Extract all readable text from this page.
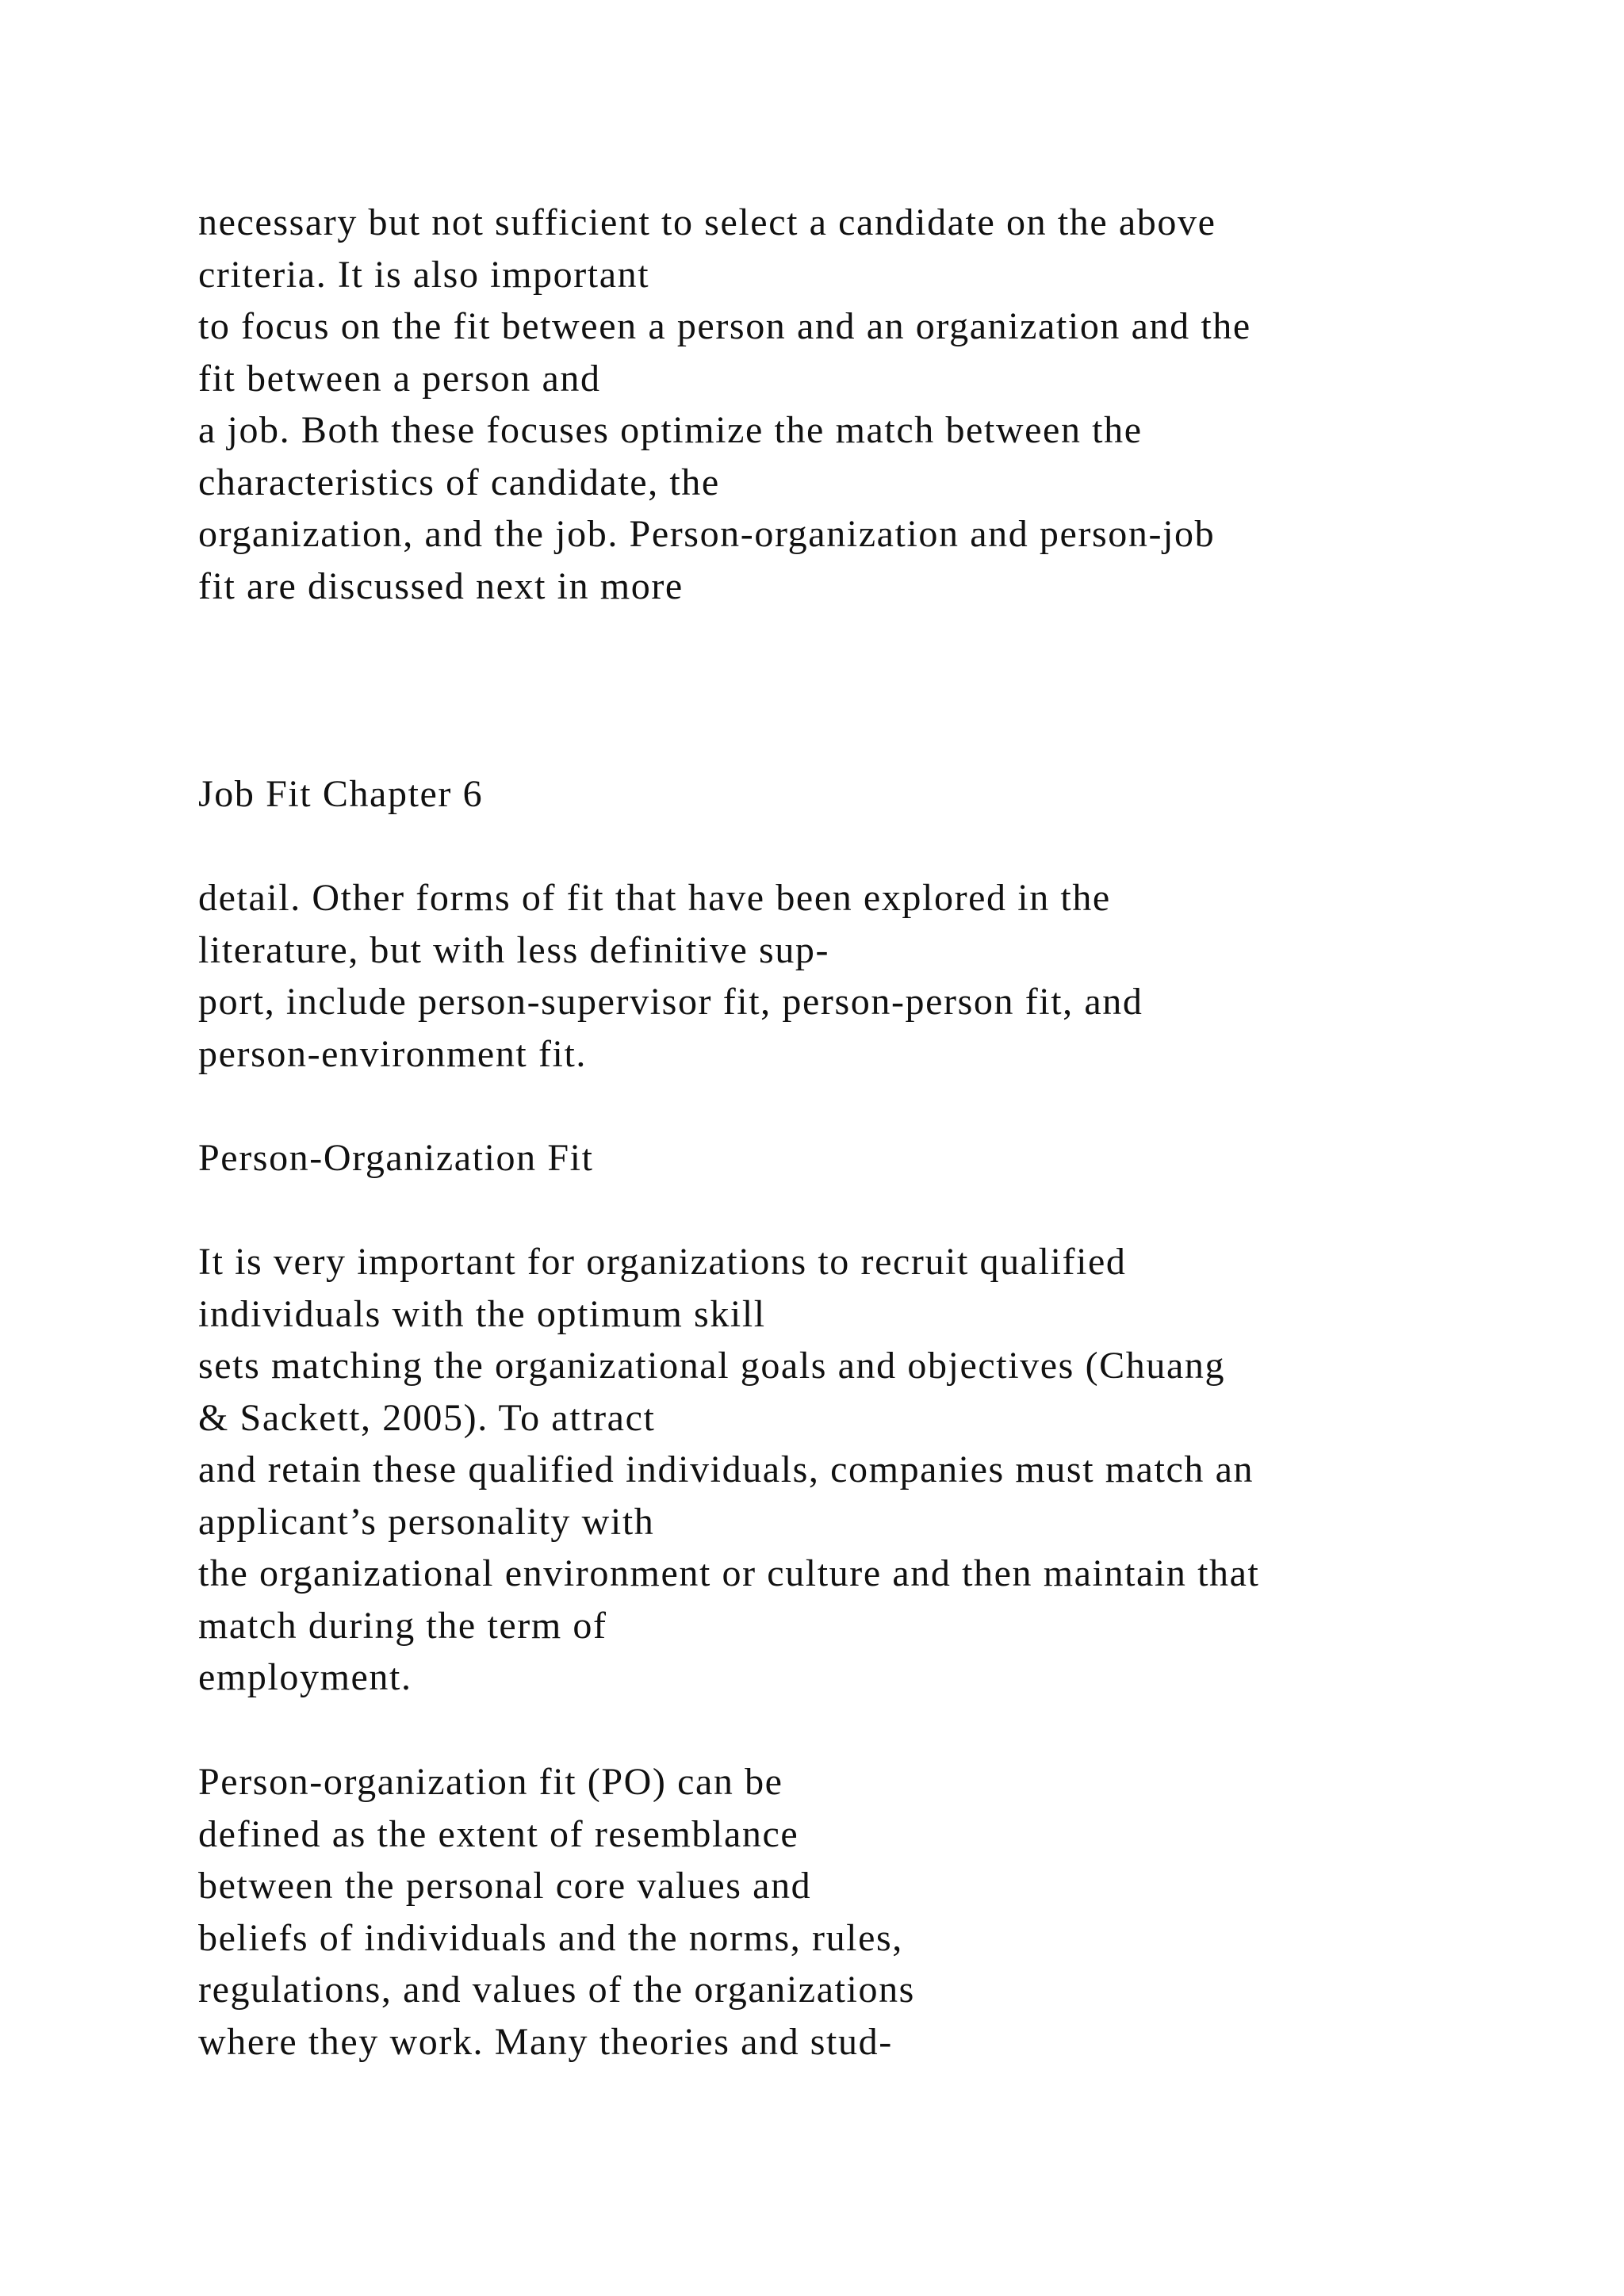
necessary but not sufficient to select a candidate on the above
criteria. It is also important
to focus on the fit between a person and an organization and the
fit between a person and
a job. Both these focuses optimize the match between the
characteristics of candidate, the
organization, and the job. Person-organization and person-job
fit are discussed next in more
Job Fit Chapter 6
detail. Other forms of fit that have been explored in the
literature, but with less definitive sup-
port, include person-supervisor fit, person-person fit, and
person-environment fit.
Person-Organization Fit
It is very important for organizations to recruit qualified
individuals with the optimum skill
sets matching the organizational goals and objectives (Chuang
& Sackett, 2005). To attract
and retain these qualified individuals, companies must match an
applicant’s personality with
the organizational environment or culture and then maintain that
match during the term of
employment.
Person-organization fit (PO) can be
defined as the extent of resemblance
between the personal core values and
beliefs of individuals and the norms, rules,
regulations, and values of the organizations
where they work. Many theories and stud-
